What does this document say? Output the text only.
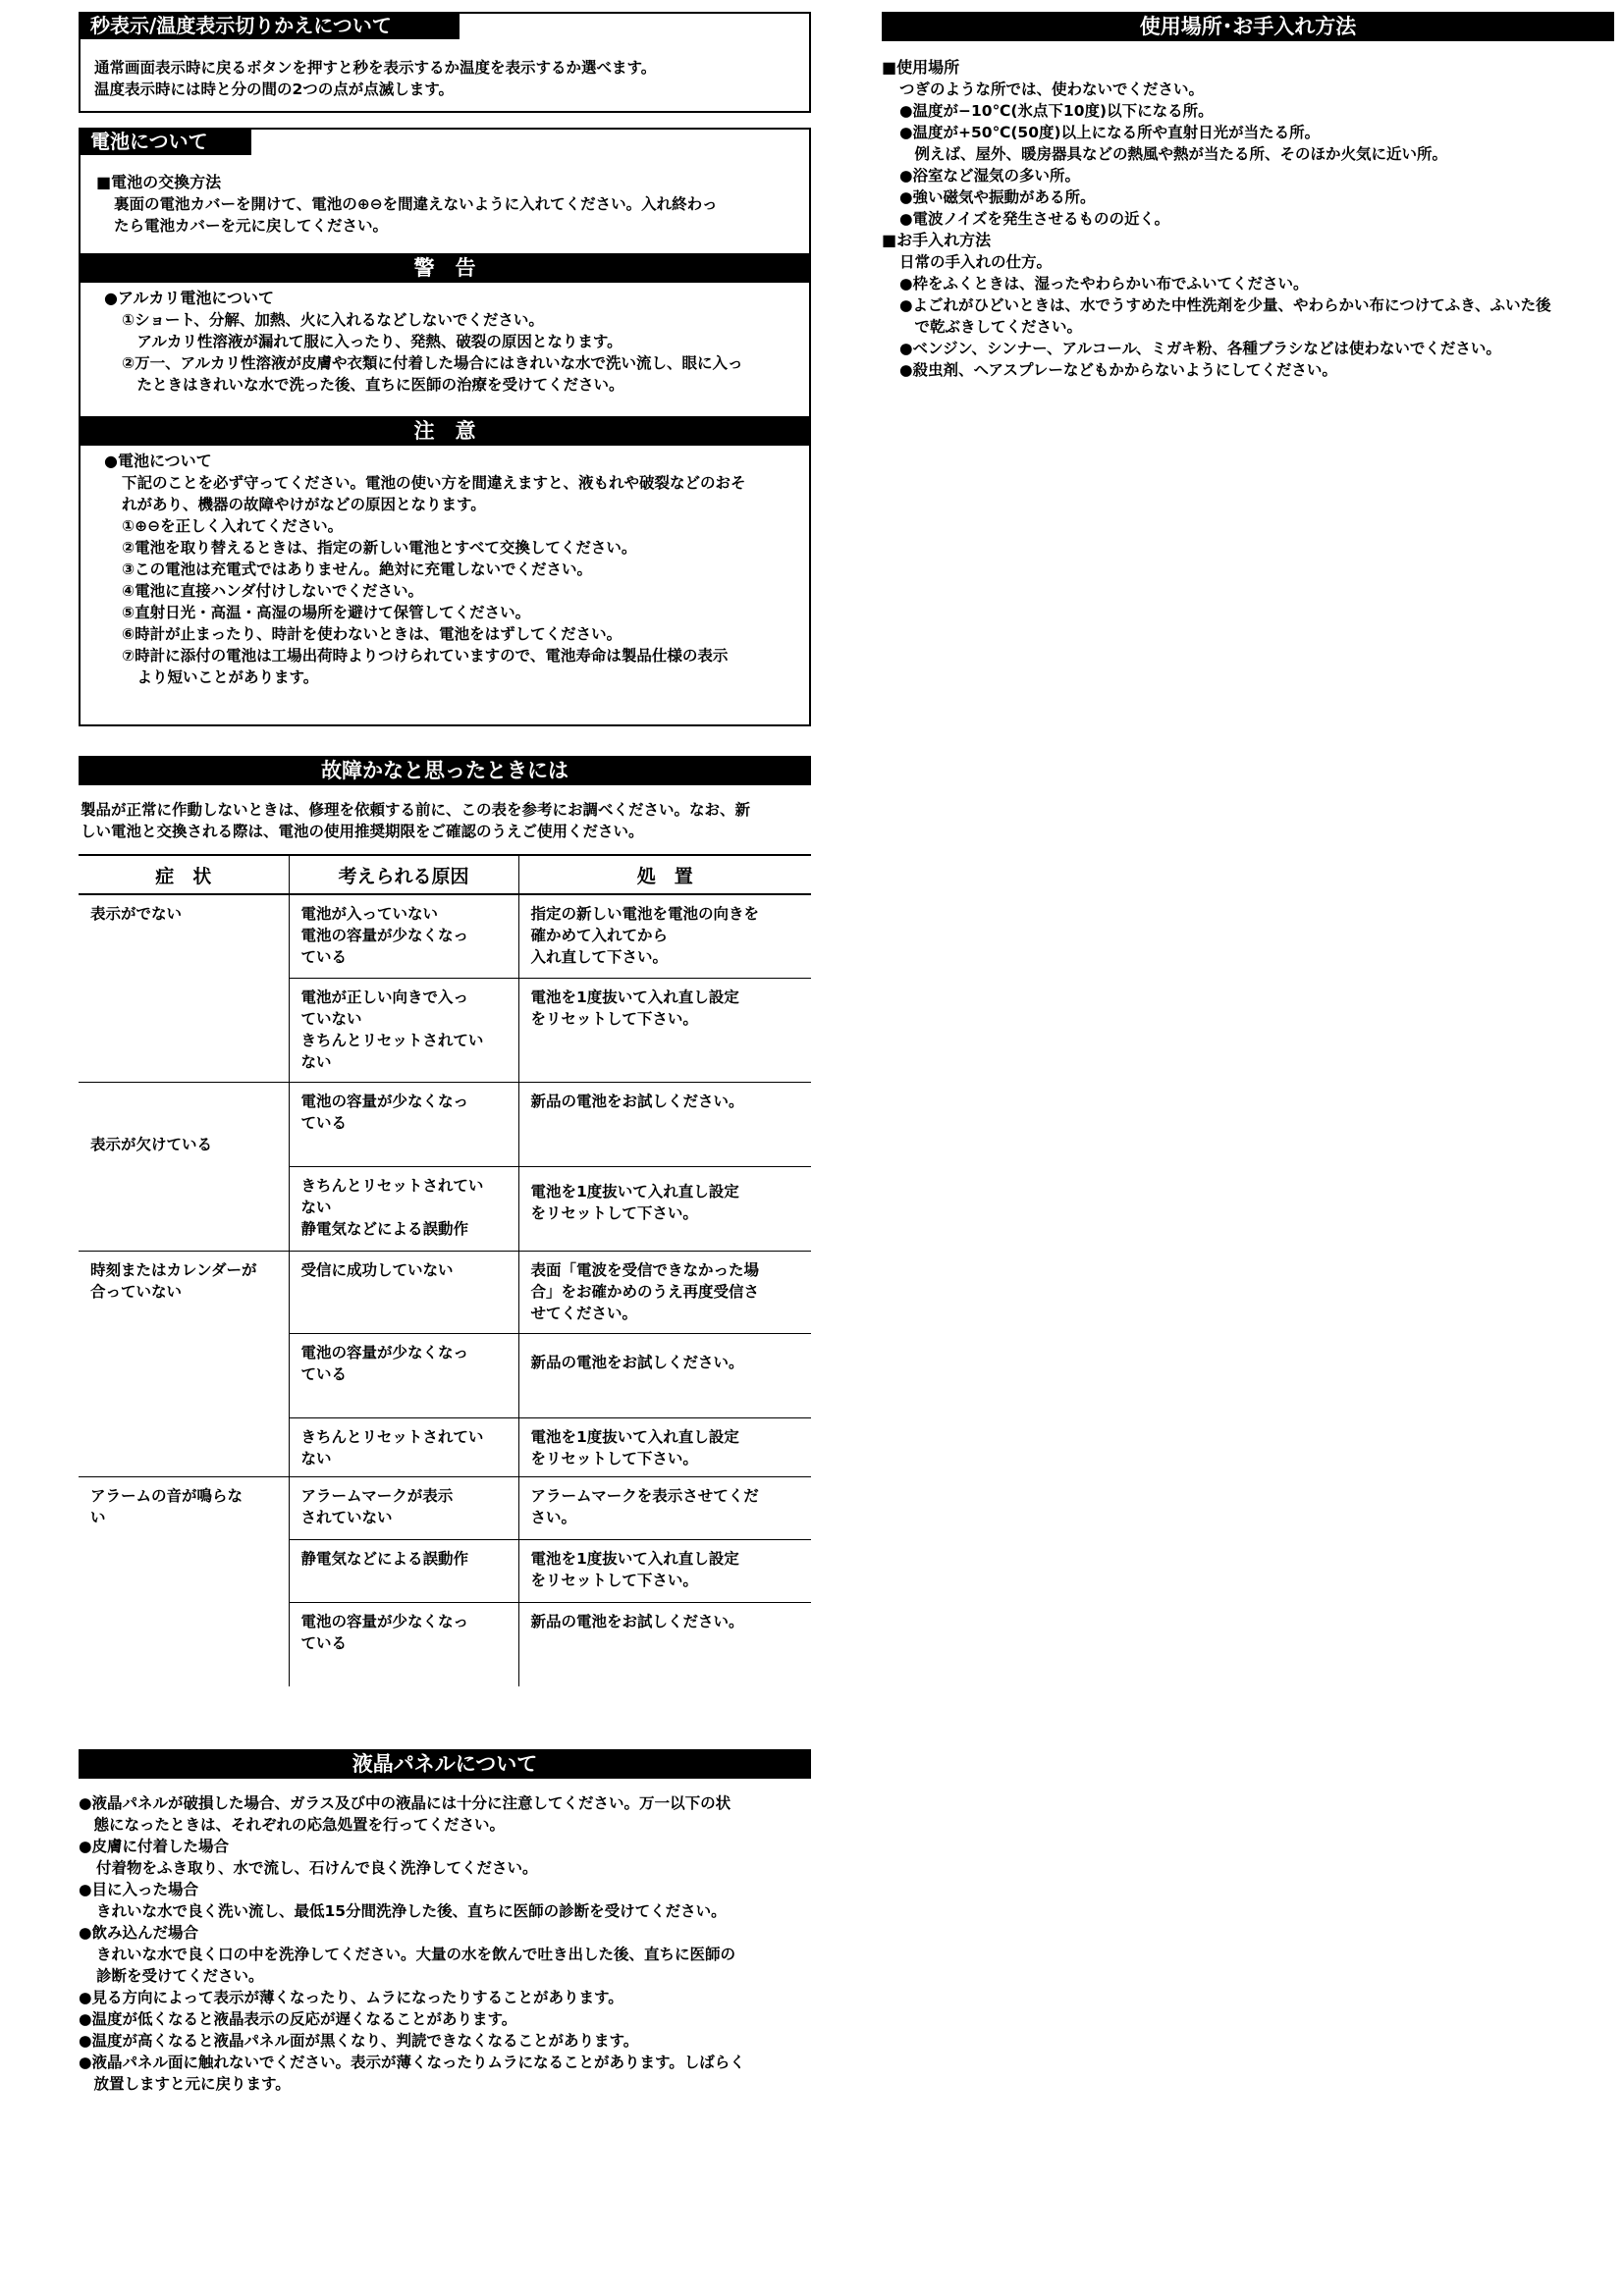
秒表示/温度表示切りかえについて
通常画面表示時に戻るボタンを押すと秒を表示するか温度を表示するか選べます。
温度表示時には時と分の間の2つの点が点滅します。
電池について
■電池の交換方法
裏面の電池カバーを開けて、電池の⊕⊖を間違えないように入れてください。入れ終わっ
たら電池カバーを元に戻してください。
警　告
●アルカリ電池について
①ショート、分解、加熱、火に入れるなどしないでください。
　アルカリ性溶液が漏れて服に入ったり、発熱、破裂の原因となります。
②万一、アルカリ性溶液が皮膚や衣類に付着した場合にはきれいな水で洗い流し、眼に入っ
　たときはきれいな水で洗った後、直ちに医師の治療を受けてください。
注　意
●電池について
下記のことを必ず守ってください。電池の使い方を間違えますと、液もれや破裂などのおそ
れがあり、機器の故障やけがなどの原因となります。
①⊕⊖を正しく入れてください。
②電池を取り替えるときは、指定の新しい電池とすべて交換してください。
③この電池は充電式ではありません。絶対に充電しないでください。
④電池に直接ハンダ付けしないでください。
⑤直射日光・高温・高湿の場所を避けて保管してください。
⑥時計が止まったり、時計を使わないときは、電池をはずしてください。
⑦時計に添付の電池は工場出荷時よりつけられていますので、電池寿命は製品仕様の表示
　より短いことがあります。
故障かなと思ったときには
製品が正常に作動しないときは、修理を依頼する前に、この表を参考にお調べください。なお、新
しい電池と交換される際は、電池の使用推奨期限をご確認のうえご使用ください。
症　状	考えられる原因	処　置
表示がでない	電池が入っていない
電池の容量が少なくなっ
ている	指定の新しい電池を電池の向きを
確かめて入れてから
入れ直して下さい。
	電池が正しい向きで入っ
ていない
きちんとリセットされてい
ない	電池を1度抜いて入れ直し設定
をリセットして下さい。

表示が欠けている	電池の容量が少なくなっ
ている	新品の電池をお試しください。
	きちんとリセットされてい
ない
静電気などによる誤動作	電池を1度抜いて入れ直し設定
をリセットして下さい。
時刻またはカレンダーが
合っていない	受信に成功していない	表面「電波を受信できなかった場
合」をお確かめのうえ再度受信さ
せてください。
	電池の容量が少なくなっ
ている	新品の電池をお試しください。
	きちんとリセットされてい
ない	電池を1度抜いて入れ直し設定
をリセットして下さい。
アラームの音が鳴らな
い	アラームマークが表示
されていない	アラームマークを表示させてくだ
さい。
	静電気などによる誤動作	電池を1度抜いて入れ直し設定
をリセットして下さい。
	電池の容量が少なくなっ
ている	新品の電池をお試しください。
液晶パネルについて
●液晶パネルが破損した場合、ガラス及び中の液晶には十分に注意してください。万一以下の状
　態になったときは、それぞれの応急処置を行ってください。
●皮膚に付着した場合
付着物をふき取り、水で流し、石けんで良く洗浄してください。
●目に入った場合
きれいな水で良く洗い流し、最低15分間洗浄した後、直ちに医師の診断を受けてください。
●飲み込んだ場合
きれいな水で良く口の中を洗浄してください。大量の水を飲んで吐き出した後、直ちに医師の
診断を受けてください。
●見る方向によって表示が薄くなったり、ムラになったりすることがあります。
●温度が低くなると液晶表示の反応が遅くなることがあります。
●温度が高くなると液晶パネル面が黒くなり、判読できなくなることがあります。
●液晶パネル面に触れないでください。表示が薄くなったりムラになることがあります。しばらく
　放置しますと元に戻ります。
使用場所･お手入れ方法
■使用場所
つぎのような所では、使わないでください。
●温度が−10℃(氷点下10度)以下になる所。
●温度が+50℃(50度)以上になる所や直射日光が当たる所。
　例えば、屋外、暖房器具などの熱風や熱が当たる所、そのほか火気に近い所。
●浴室など湿気の多い所。
●強い磁気や振動がある所。
●電波ノイズを発生させるものの近く。
■お手入れ方法
日常の手入れの仕方。
●枠をふくときは、湿ったやわらかい布でふいてください。
●よごれがひどいときは、水でうすめた中性洗剤を少量、やわらかい布につけてふき、ふいた後
　で乾ぶきしてください。
●ベンジン、シンナー、アルコール、ミガキ粉、各種ブラシなどは使わないでください。
●殺虫剤、ヘアスプレーなどもかからないようにしてください。
